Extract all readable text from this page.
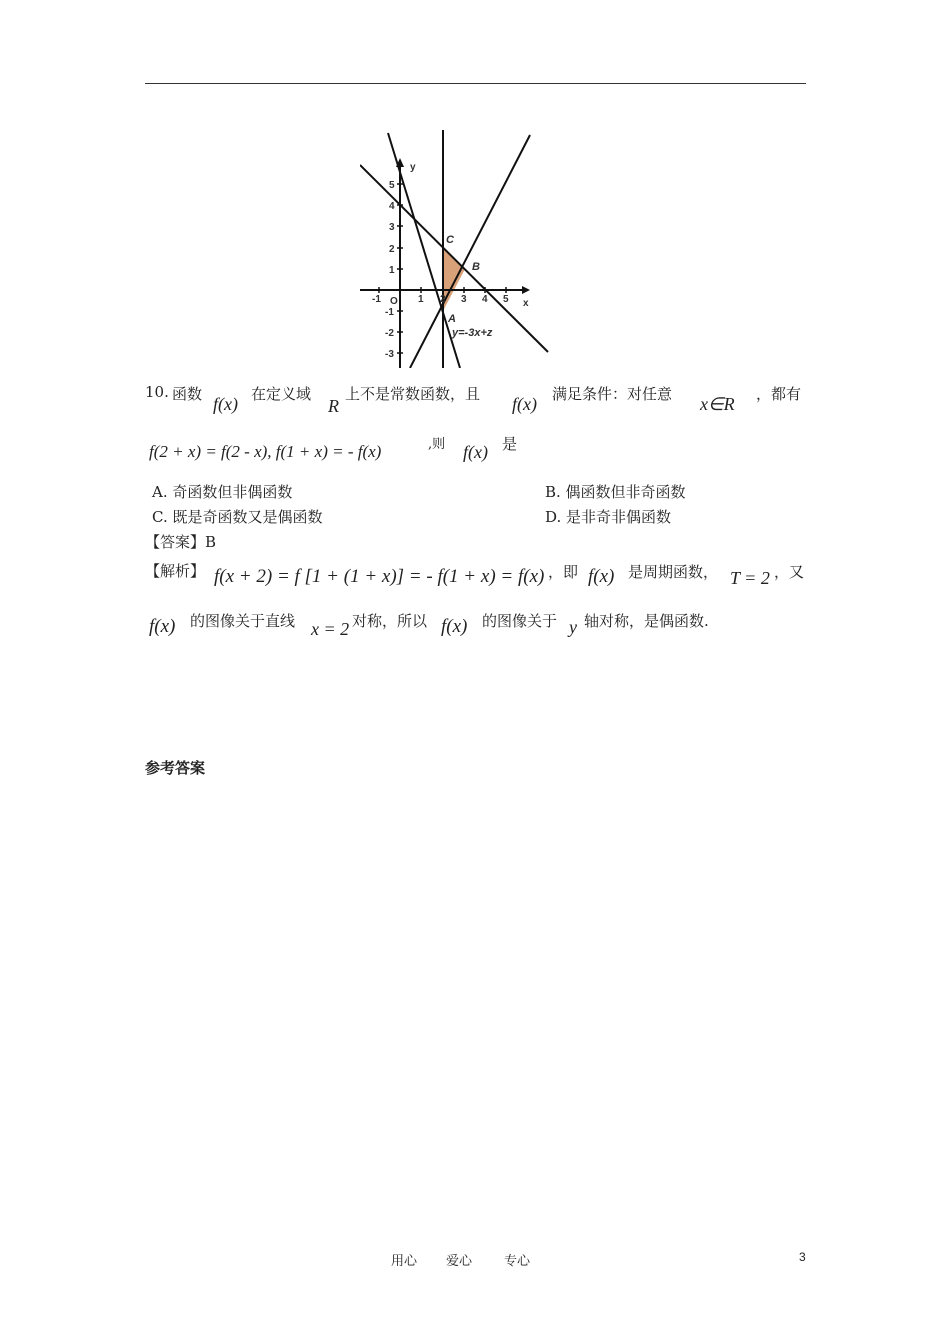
-1	1 2 3 4 5
O	x
y
5
4
3
2
1
-1
-2
-3
C
B
A
y=-3x+z
10. 函数 f(x) 在定义域
R
上不是常数函数，且 f(x) 满足条件：对任意 x∈R ，都有
f(2 + x) = f(2 - x), f(1 + x) = - f(x)	,则 f(x) 是
A. 奇函数但非偶函数	B. 偶函数但非奇函数
C. 既是奇函数又是偶函数	D. 是非奇非偶函数
【答案】B
【解析】 f(x + 2) = f [1 + (1 + x)] = - f(1 + x) = f(x) ，即 f(x) 是周期函数， T = 2 ，又
f(x) 的图像关于直线 x = 2 对称，所以 f(x) 的图像关于 y 轴对称，是偶函数.
参考答案
用心 爱心 专心	3
